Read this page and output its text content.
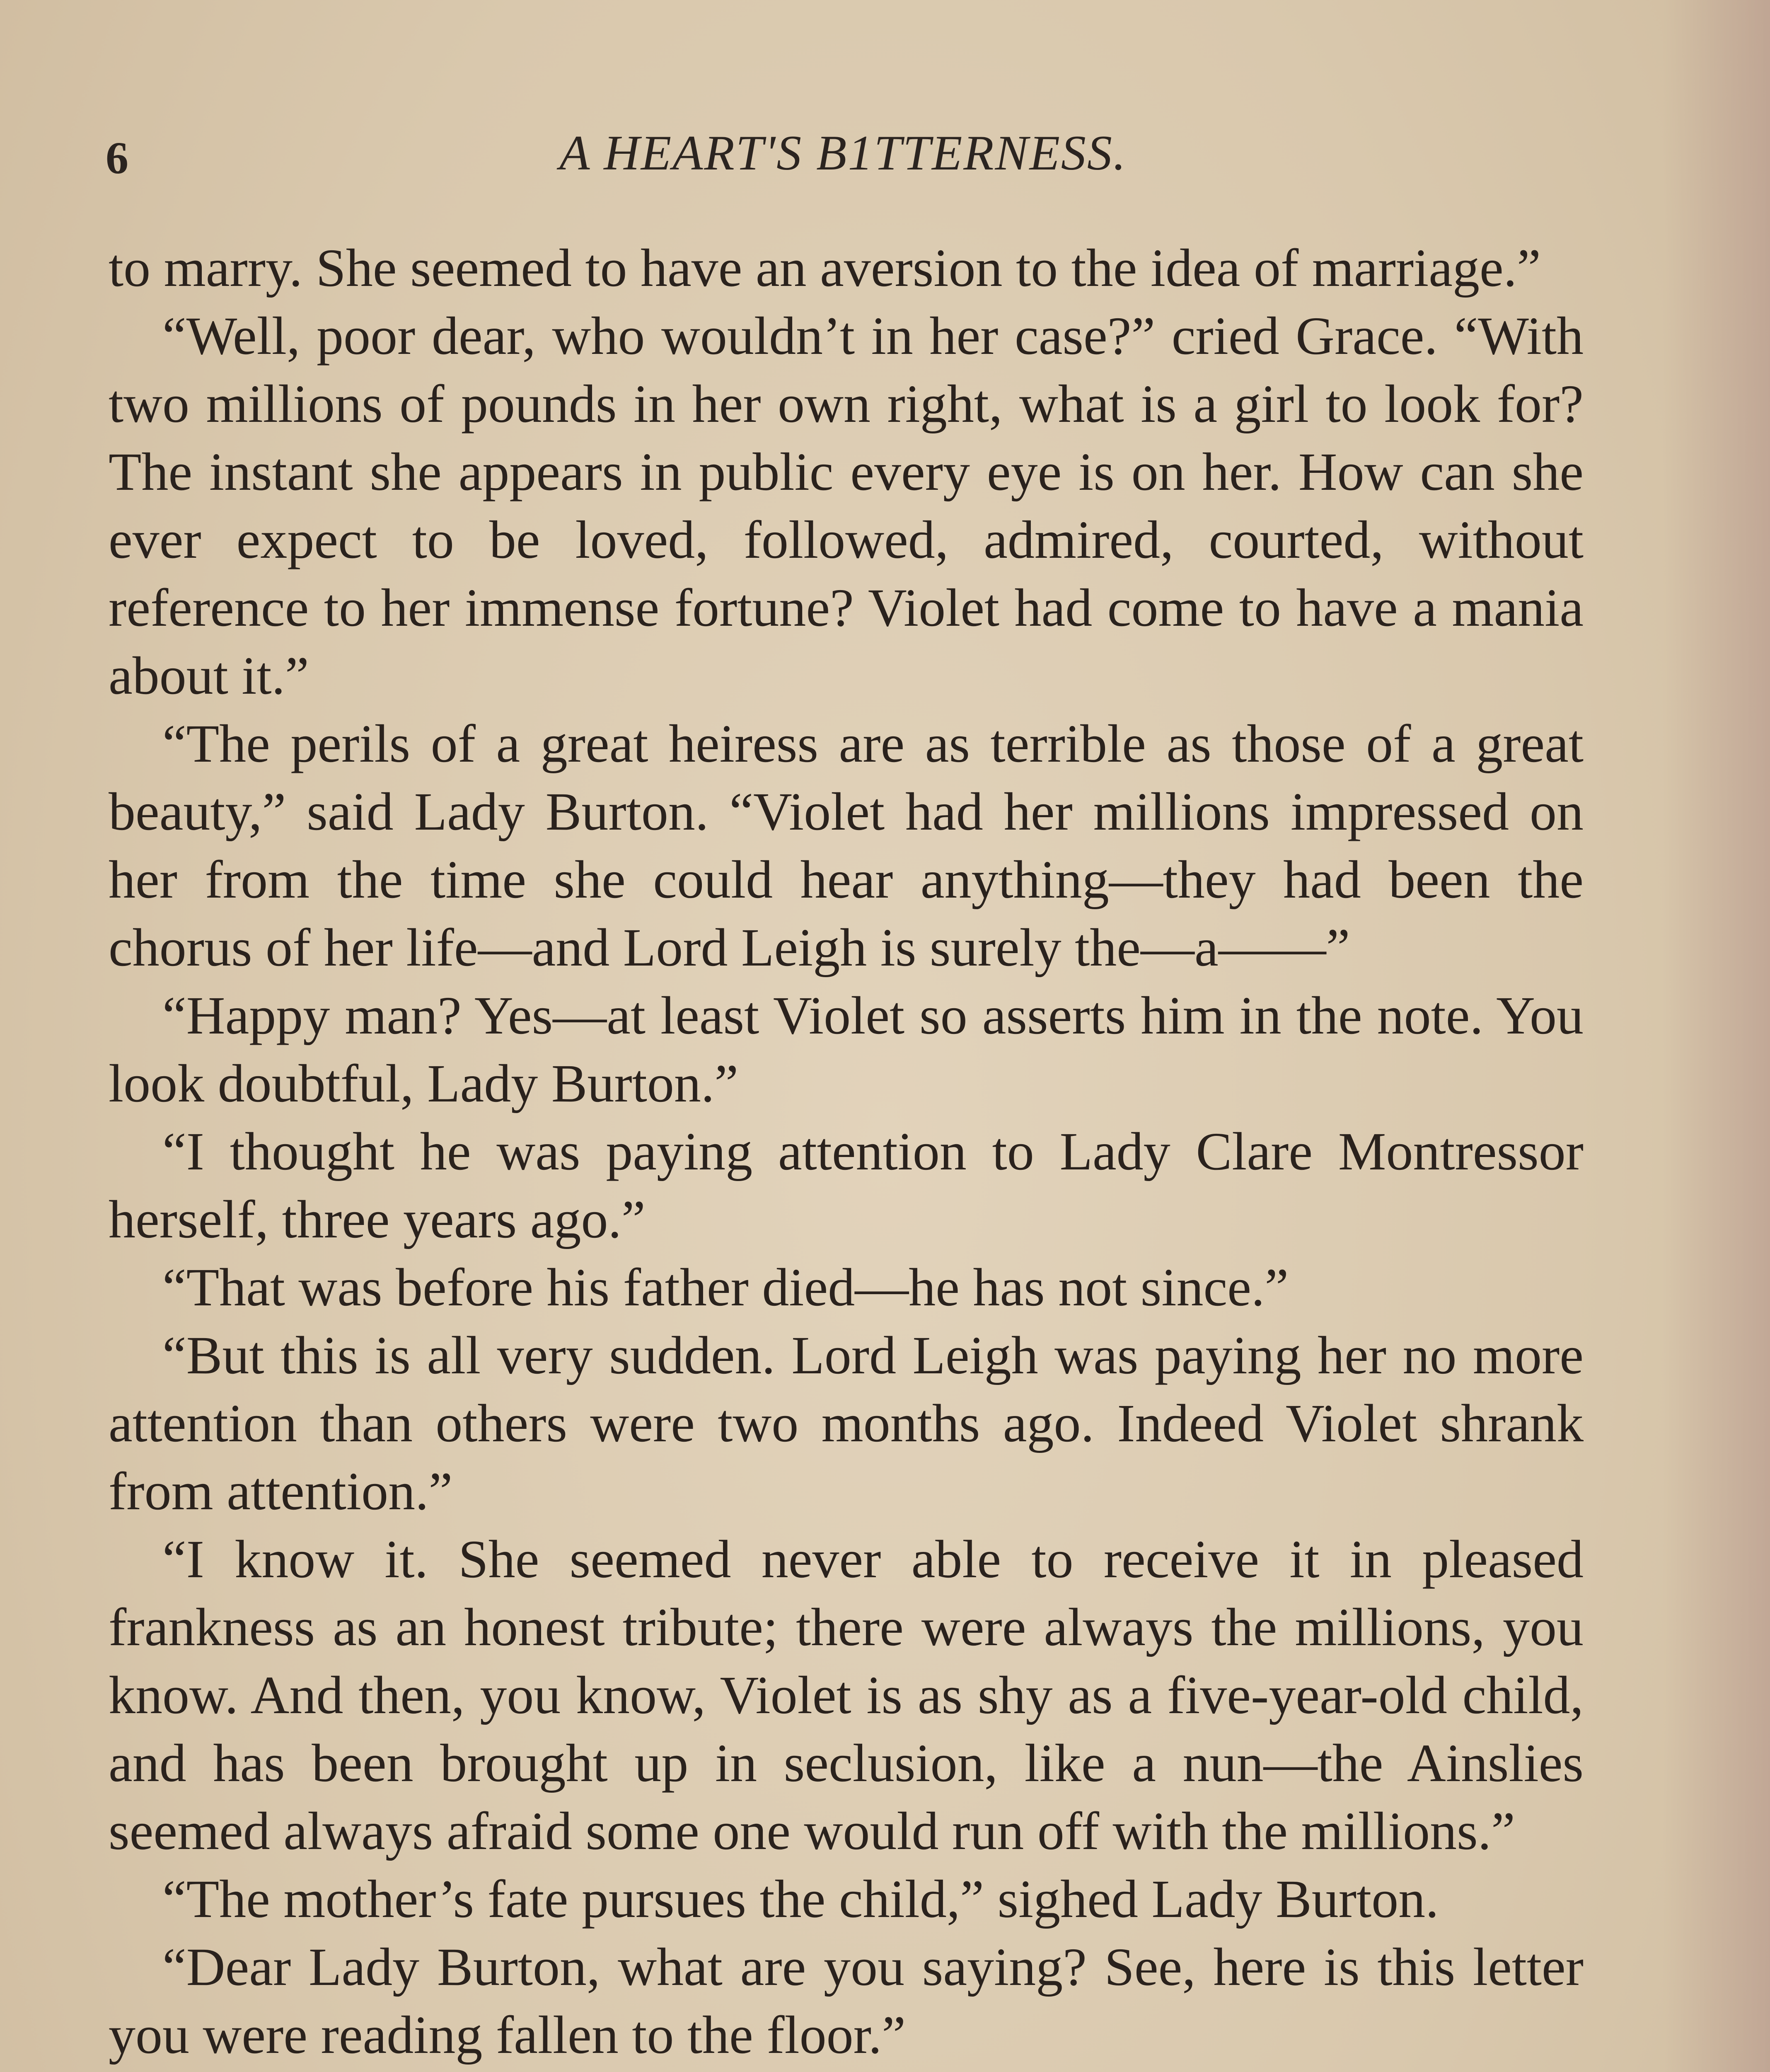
6	A HEART'S B1TTERNESS.

to marry. She seemed to have an aversion to the idea of marriage.”

“Well, poor dear, who wouldn’t in her case?” cried Grace. “With two millions of pounds in her own right, what is a girl to look for? The instant she appears in public every eye is on her. How can she ever expect to be loved, followed, admired, courted, without reference to her immense fortune? Violet had come to have a mania about it.”

“The perils of a great heiress are as terrible as those of a great beauty,” said Lady Burton. “Violet had her millions impressed on her from the time she could hear anything—they had been the chorus of her life—and Lord Leigh is surely the—a——”

“Happy man? Yes—at least Violet so asserts him in the note. You look doubtful, Lady Burton.”

“I thought he was paying attention to Lady Clare Montressor herself, three years ago.”

“That was before his father died—he has not since.”

“But this is all very sudden. Lord Leigh was paying her no more attention than others were two months ago. Indeed Violet shrank from attention.”

“I know it. She seemed never able to receive it in pleased frankness as an honest tribute; there were always the millions, you know. And then, you know, Violet is as shy as a five-year-old child, and has been brought up in seclusion, like a nun—the Ainslies seemed always afraid some one would run off with the millions.”

“The mother’s fate pursues the child,” sighed Lady Burton.

“Dear Lady Burton, what are you saying? See, here is this letter you were reading fallen to the floor.”
